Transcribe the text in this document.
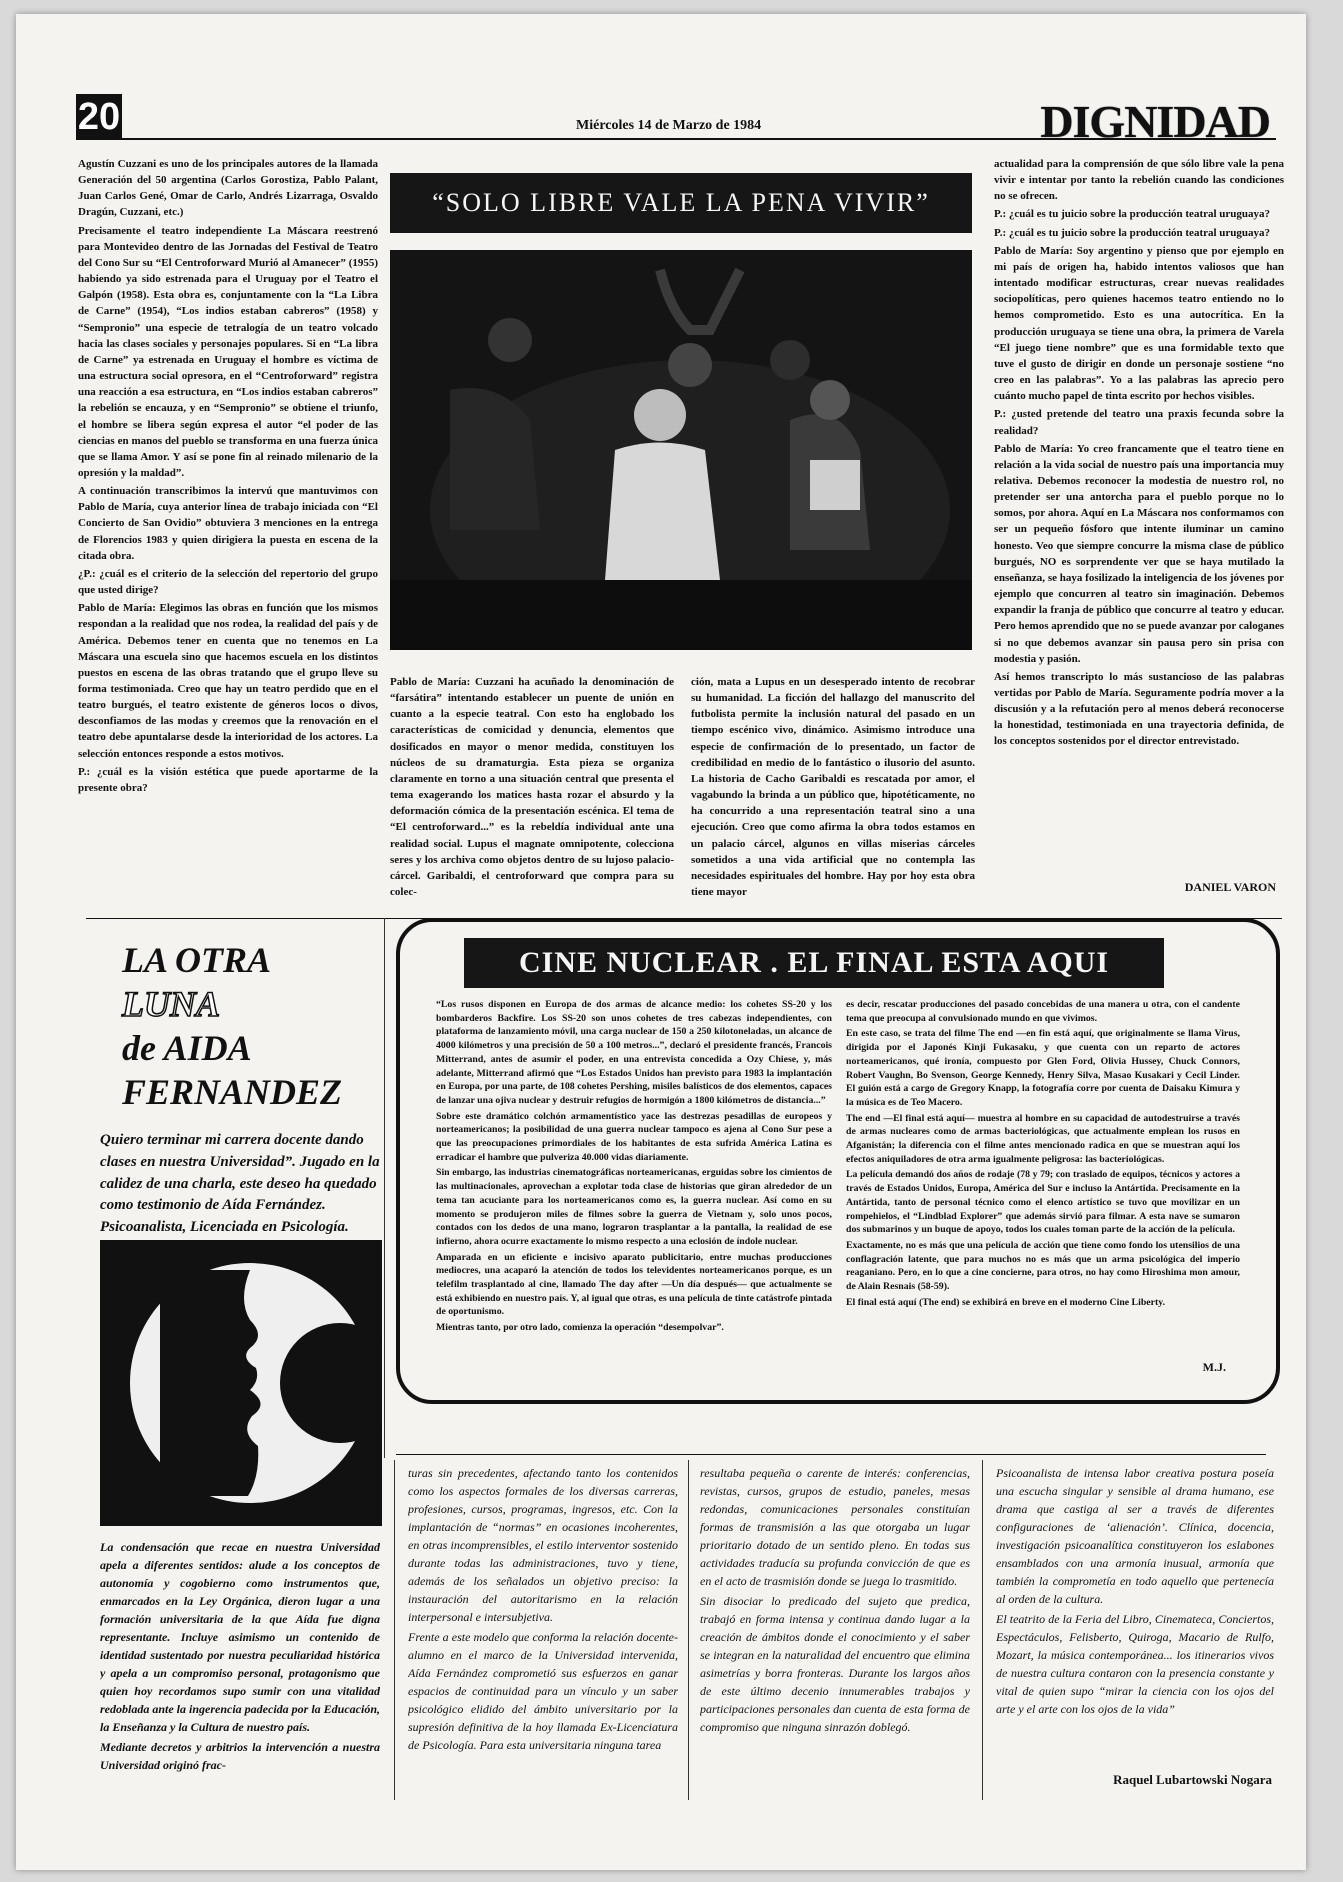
20	Miércoles 14 de Marzo de 1984	DIGNIDAD

Agustín Cuzzani es uno de los principales autores de la llamada Generación del 50 argentina (Carlos Gorostiza, Pablo Palant, Juan Carlos Gené, Omar de Carlo, Andrés Lizarraga, Osvaldo Dragún, Cuzzani, etc.)

Precisamente el teatro independiente La Máscara reestrenó para Montevideo dentro de las Jornadas del Festival de Teatro del Cono Sur su “El Centroforward Murió al Amanecer” (1955) habiendo ya sido estrenada para el Uruguay por el Teatro el Galpón (1958). Esta obra es, conjuntamente con la “La Libra de Carne” (1954), “Los indios estaban cabreros” (1958) y “Sempronio” una especie de tetralogía de un teatro volcado hacia las clases sociales y personajes populares. Si en “La libra de Carne” ya estrenada en Uruguay el hombre es víctima de una estructura social opresora, en el “Centroforward” registra una reacción a esa estructura, en “Los indios estaban cabreros” la rebelión se encauza, y en “Sempronio” se obtiene el triunfo, el hombre se libera según expresa el autor “el poder de las ciencias en manos del pueblo se transforma en una fuerza única que se llama Amor. Y así se pone fin al reinado milenario de la opresión y la maldad”.

A continuación transcribimos la intervú que mantuvimos con Pablo de María, cuya anterior línea de trabajo iniciada con “El Concierto de San Ovidio” obtuviera 3 menciones en la entrega de Florencios 1983 y quien dirigiera la puesta en escena de la citada obra.

¿P.: ¿cuál es el criterio de la selección del repertorio del grupo que usted dirige?

Pablo de María: Elegimos las obras en función que los mismos respondan a la realidad que nos rodea, la realidad del país y de América. Debemos tener en cuenta que no tenemos en La Máscara una escuela sino que hacemos escuela en los distintos puestos en escena de las obras tratando que el grupo lleve su forma testimoniada. Creo que hay un teatro perdido que en el teatro burgués, el teatro existente de géneros locos o divos, desconfiamos de las modas y creemos que la renovación en el teatro debe apuntalarse desde la interioridad de los actores. La selección entonces responde a estos motivos.

P.: ¿cuál es la visión estética que puede aportarme de la presente obra?

“SOLO LIBRE VALE LA PENA VIVIR”

Pablo de María: Cuzzani ha acuñado la denominación de “farsátira” intentando establecer un puente de unión en cuanto a la especie teatral. Con esto ha englobado los características de comicidad y denuncia, elementos que dosificados en mayor o menor medida, constituyen los núcleos de su dramaturgia. Esta pieza se organiza claramente en torno a una situación central que presenta el tema exagerando los matices hasta rozar el absurdo y la deformación cómica de la presentación escénica. El tema de “El centroforward...” es la rebeldía individual ante una realidad social. Lupus el magnate omnipotente, colecciona seres y los archiva como objetos dentro de su lujoso palacio-cárcel. Garibaldi, el centroforward que compra para su colec-

ción, mata a Lupus en un desesperado intento de recobrar su humanidad. La ficción del hallazgo del manuscrito del futbolista permite la inclusión natural del pasado en un tiempo escénico vivo, dinámico. Asimismo introduce una especie de confirmación de lo presentado, un factor de credibilidad en medio de lo fantástico o ilusorio del asunto. La historia de Cacho Garibaldi es rescatada por amor, el vagabundo la brinda a un público que, hipotéticamente, no ha concurrido a una representación teatral sino a una ejecución. Creo que como afirma la obra todos estamos en un palacio cárcel, algunos en villas miserias cárceles sometidos a una vida artificial que no contempla las necesidades espirituales del hombre. Hay por hoy esta obra tiene mayor

actualidad para la comprensión de que sólo libre vale la pena vivir e intentar por tanto la rebelión cuando las condiciones no se ofrecen.

P.: ¿cuál es tu juicio sobre la producción teatral uruguaya?

P.: ¿cuál es tu juicio sobre la producción teatral uruguaya?

Pablo de María: Soy argentino y pienso que por ejemplo en mi país de origen ha, habido intentos valiosos que han intentado modificar estructuras, crear nuevas realidades sociopolíticas, pero quienes hacemos teatro entiendo no lo hemos comprometido. Esto es una autocrítica. En la producción uruguaya se tiene una obra, la primera de Varela “El juego tiene nombre” que es una formidable texto que tuve el gusto de dirigir en donde un personaje sostiene “no creo en las palabras”. Yo a las palabras las aprecio pero cuánto mucho papel de tinta escrito por hechos visibles.

P.: ¿usted pretende del teatro una praxis fecunda sobre la realidad?

Pablo de María: Yo creo francamente que el teatro tiene en relación a la vida social de nuestro país una importancia muy relativa. Debemos reconocer la modestia de nuestro rol, no pretender ser una antorcha para el pueblo porque no lo somos, por ahora. Aquí en La Máscara nos conformamos con ser un pequeño fósforo que intente iluminar un camino honesto. Veo que siempre concurre la misma clase de público burgués, NO es sorprendente ver que se haya mutilado la enseñanza, se haya fosilizado la inteligencia de los jóvenes por ejemplo que concurren al teatro sin imaginación. Debemos expandir la franja de público que concurre al teatro y educar. Pero hemos aprendido que no se puede avanzar por caloganes si no que debemos avanzar sin pausa pero sin prisa con modestia y pasión.

Así hemos transcripto lo más sustancioso de las palabras vertidas por Pablo de María. Seguramente podría mover a la discusión y a la refutación pero al menos deberá reconocerse la honestidad, testimoniada en una trayectoria definida, de los conceptos sostenidos por el director entrevistado.

DANIEL VARON
CINE NUCLEAR . EL FINAL ESTA AQUI

“Los rusos disponen en Europa de dos armas de alcance medio: los cohetes SS-20 y los bombarderos Backfire. Los SS-20 son unos cohetes de tres cabezas independientes, con plataforma de lanzamiento móvil, una carga nuclear de 150 a 250 kilotoneladas, un alcance de 4000 kilómetros y una precisión de 50 a 100 metros...”, declaró el presidente francés, Francois Mitterrand, antes de asumir el poder, en una entrevista concedida a Ozy Chiese, y, más adelante, Mitterrand afirmó que “Los Estados Unidos han previsto para 1983 la implantación en Europa, por una parte, de 108 cohetes Pershing, misiles balísticos de dos elementos, capaces de lanzar una ojiva nuclear y destruir refugios de hormigón a 1800 kilómetros de distancia...”

Sobre este dramático colchón armamentístico yace las destrezas pesadillas de europeos y norteamericanos; la posibilidad de una guerra nuclear tampoco es ajena al Cono Sur pese a que las preocupaciones primordiales de los habitantes de esta sufrida América Latina es erradicar el hambre que pulveriza 40.000 vidas diariamente.

Sin embargo, las industrias cinematográficas norteamericanas, erguidas sobre los cimientos de las multinacionales, aprovechan a explotar toda clase de historias que giran alrededor de un tema tan acuciante para los norteamericanos como es, la guerra nuclear. Así como en su momento se produjeron miles de filmes sobre la guerra de Vietnam y, solo unos pocos, contados con los dedos de una mano, lograron trasplantar a la pantalla, la realidad de ese infierno, ahora ocurre exactamente lo mismo respecto a una eclosión de índole nuclear.

Amparada en un eficiente e incisivo aparato publicitario, entre muchas producciones mediocres, una acaparó la atención de todos los televidentes norteamericanos porque, es un telefilm trasplantado al cine, llamado The day after —Un día después— que actualmente se está exhibiendo en nuestro país. Y, al igual que otras, es una película de tinte catástrofe pintada de oportunismo.

Mientras tanto, por otro lado, comienza la operación “desempolvar”.

es decir, rescatar producciones del pasado concebidas de una manera u otra, con el candente tema que preocupa al convulsionado mundo en que vivimos.

En este caso, se trata del filme The end —en fin está aquí, que originalmente se llama Virus, dirigida por el Japonés Kinji Fukasaku, y que cuenta con un reparto de actores norteamericanos, qué ironía, compuesto por Glen Ford, Olivia Hussey, Chuck Connors, Robert Vaughn, Bo Svenson, George Kennedy, Henry Silva, Masao Kusakari y Cecil Linder. El guión está a cargo de Gregory Knapp, la fotografía corre por cuenta de Daisaku Kimura y la música es de Teo Macero.

The end —El final está aquí— muestra al hombre en su capacidad de autodestruirse a través de armas nucleares como de armas bacteriológicas, que actualmente emplean los rusos en Afganistán; la diferencia con el filme antes mencionado radica en que se muestran aquí los efectos aniquiladores de otra arma igualmente peligrosa: las bacteriológicas.

La película demandó dos años de rodaje (78 y 79; con traslado de equipos, técnicos y actores a través de Estados Unidos, Europa, América del Sur e incluso la Antártida. Precisamente en la Antártida, tanto de personal técnico como el elenco artístico se tuvo que movilizar en un rompehielos, el “Lindblad Explorer” que además sirvió para filmar. A esta nave se sumaron dos submarinos y un buque de apoyo, todos los cuales toman parte de la acción de la película.

Exactamente, no es más que una película de acción que tiene como fondo los utensilios de una conflagración latente, que para muchos no es más que un arma psicológica del imperio reaganiano. Pero, en lo que a cine concierne, para otros, no hay como Hiroshima mon amour, de Alain Resnais (58-59).

El final está aquí (The end) se exhibirá en breve en el moderno Cine Liberty.

M.J.
LA OTRA
LUNA
de AIDA
FERNANDEZ
Quiero terminar mi carrera docente dando clases en nuestra Universidad”. Jugado en la calidez de una charla, este deseo ha quedado como testimonio de Aída Fernández. Psicoanalista, Licenciada en Psicología.

La condensación que recae en nuestra Universidad apela a diferentes sentidos: alude a los conceptos de autonomía y cogobierno como instrumentos que, enmarcados en la Ley Orgánica, dieron lugar a una formación universitaria de la que Aída fue digna representante. Incluye asimismo un contenido de identidad sustentado por nuestra peculiaridad histórica y apela a un compromiso personal, protagonismo que quien hoy recordamos supo sumir con una vitalidad redoblada ante la ingerencia padecida por la Educación, la Enseñanza y la Cultura de nuestro país.

Mediante decretos y arbitrios la intervención a nuestra Universidad originó frac-

turas sin precedentes, afectando tanto los contenidos como los aspectos formales de los diversas carreras, profesiones, cursos, programas, ingresos, etc. Con la implantación de “normas” en ocasiones incoherentes, en otras incomprensibles, el estilo interventor sostenido durante todas las administraciones, tuvo y tiene, además de los señalados un objetivo preciso: la instauración del autoritarismo en la relación interpersonal e intersubjetiva.

Frente a este modelo que conforma la relación docente-alumno en el marco de la Universidad intervenida, Aída Fernández comprometió sus esfuerzos en ganar espacios de continuidad para un vínculo y un saber psicológico elidido del ámbito universitario por la supresión definitiva de la hoy llamada Ex-Licenciatura de Psicología. Para esta universitaria ninguna tarea

resultaba pequeña o carente de interés: conferencias, revistas, cursos, grupos de estudio, paneles, mesas redondas, comunicaciones personales constituían formas de transmisión a las que otorgaba un lugar prioritario dotado de un sentido pleno. En todas sus actividades traducía su profunda convicción de que es en el acto de trasmisión donde se juega lo trasmitido.

Sin disociar lo predicado del sujeto que predica, trabajó en forma intensa y continua dando lugar a la creación de ámbitos donde el conocimiento y el saber se integran en la naturalidad del encuentro que elimina asimetrías y borra fronteras. Durante los largos años de este último decenio innumerables trabajos y participaciones personales dan cuenta de esta forma de compromiso que ninguna sinrazón doblegó.

Psicoanalista de intensa labor creativa postura poseía una escucha singular y sensible al drama humano, ese drama que castiga al ser a través de diferentes configuraciones de ‘alienación’. Clínica, docencia, investigación psicoanalítica constituyeron los eslabones ensamblados con una armonía inusual, armonía que también la comprometía en todo aquello que pertenecía al orden de la cultura.

El teatrito de la Feria del Libro, Cinemateca, Conciertos, Espectáculos, Felisberto, Quiroga, Macario de Rulfo, Mozart, la música contemporánea... los itinerarios vivos de nuestra cultura contaron con la presencia constante y vital de quien supo “mirar la ciencia con los ojos del arte y el arte con los ojos de la vida”

Raquel Lubartowski Nogara
